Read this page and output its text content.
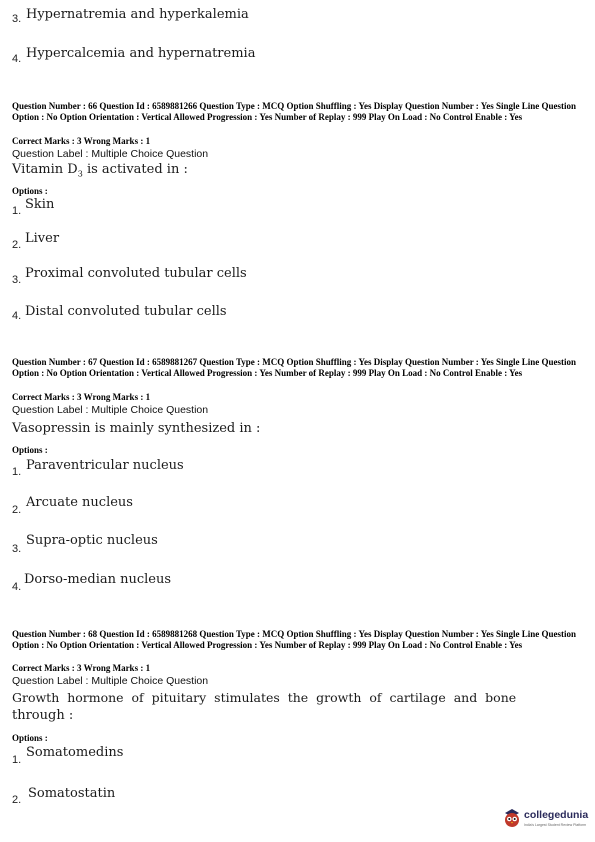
3. Hypernatremia and hyperkalemia
4. Hypercalcemia and hypernatremia
Question Number : 66 Question Id : 6589881266 Question Type : MCQ Option Shuffling : Yes Display Question Number : Yes Single Line Question Option : No Option Orientation : Vertical Allowed Progression : Yes Number of Replay : 999 Play On Load : No Control Enable : Yes
Correct Marks : 3 Wrong Marks : 1
Question Label : Multiple Choice Question
Vitamin $D_3$ is activated in :
Options :
1. Skin
2. Liver
3. Proximal convoluted tubular cells
4. Distal convoluted tubular cells
Question Number : 67 Question Id : 6589881267 Question Type : MCQ Option Shuffling : Yes Display Question Number : Yes Single Line Question Option : No Option Orientation : Vertical Allowed Progression : Yes Number of Replay : 999 Play On Load : No Control Enable : Yes
Correct Marks : 3 Wrong Marks : 1
Question Label : Multiple Choice Question
Vasopressin is mainly synthesized in :
Options :
1. Paraventricular nucleus
2. Arcuate nucleus
3.
Supra-optic nucleus
4. Dorso-median nucleus
Question Number : 68 Question Id : 6589881268 Question Type : MCQ Option Shuffling : Yes Display Question Number : Yes Single Line Question Option : No Option Orientation : Vertical Allowed Progression : Yes Number of Replay : 999 Play On Load : No Control Enable : Yes
Correct Marks : 3 Wrong Marks : 1
Question Label : Multiple Choice Question
Growth  hormone  of  pituitary  stimulates  the  growth  of  cartilage  and  bone
through :
Options :
1. Somatomedins
2. Somatostatin
collegedunia
India's Largest Student Review Platform
